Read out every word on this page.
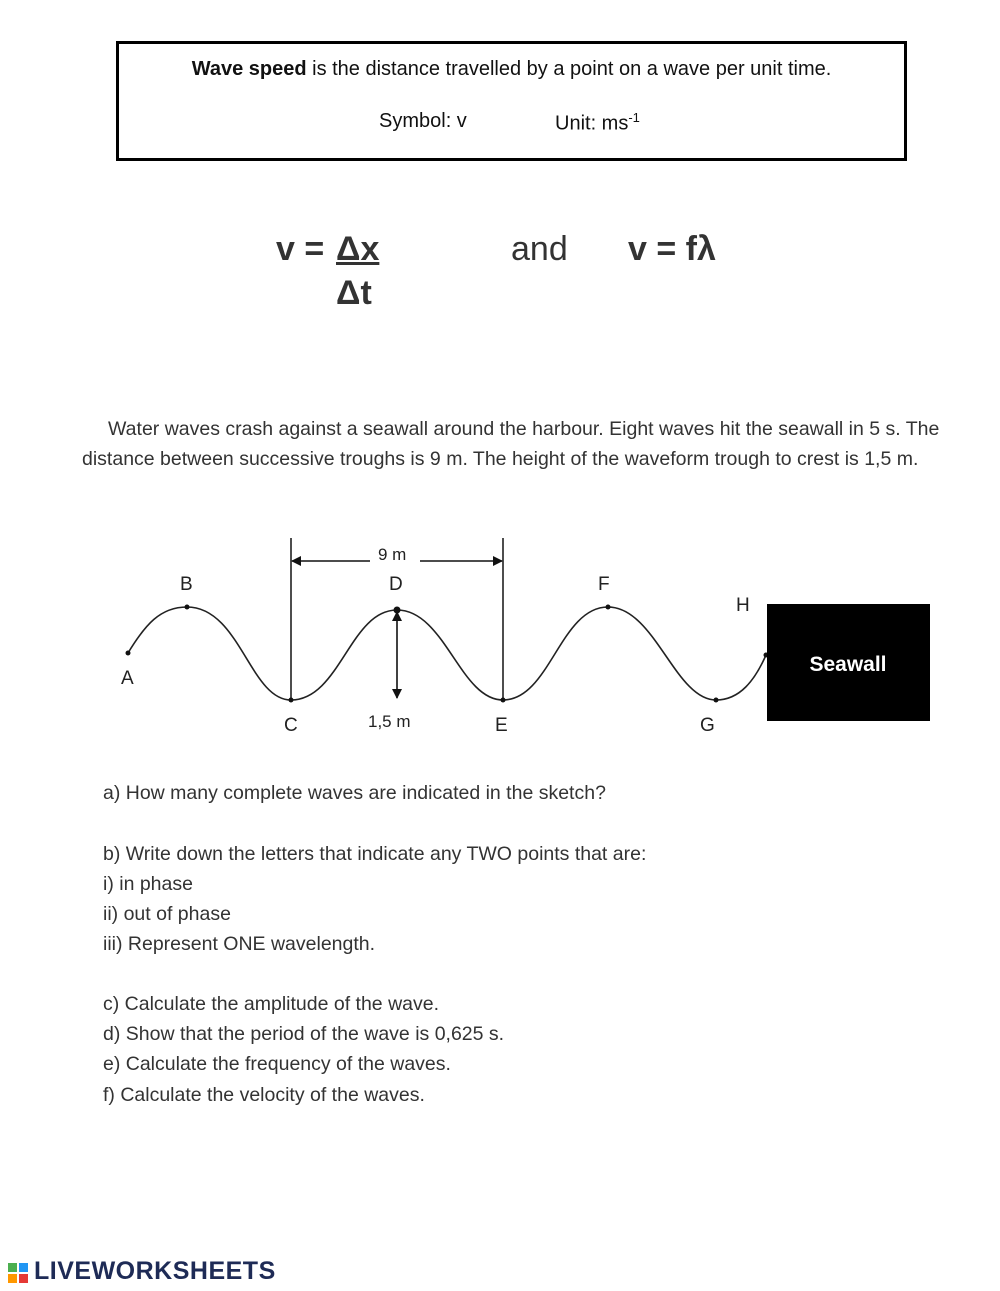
Wave speed is the distance travelled by a point on a wave per unit time.
Symbol: v	Unit: $ms^{-1}$
v =
$\frac{\Delta x}{\Delta t}$
and v = fλ

Water waves crash against a seawall around the harbour. Eight waves hit the seawall in 5 s. The distance between successive troughs is 9 m. The height of the waveform trough to crest is 1,5 m.

9 m
1,5 m
A
B
C
D
E
F
G
H
Seawall
a) How many complete waves are indicated in the sketch?
b) Write down the letters that indicate any TWO points that are:
i) in phase
ii) out of phase
iii) Represent ONE wavelength.
c) Calculate the amplitude of the wave.
d) Show that the period of the wave is 0,625 s.
e) Calculate the frequency of the waves.
f) Calculate the velocity of the waves.
LIVEWORKSHEETS
